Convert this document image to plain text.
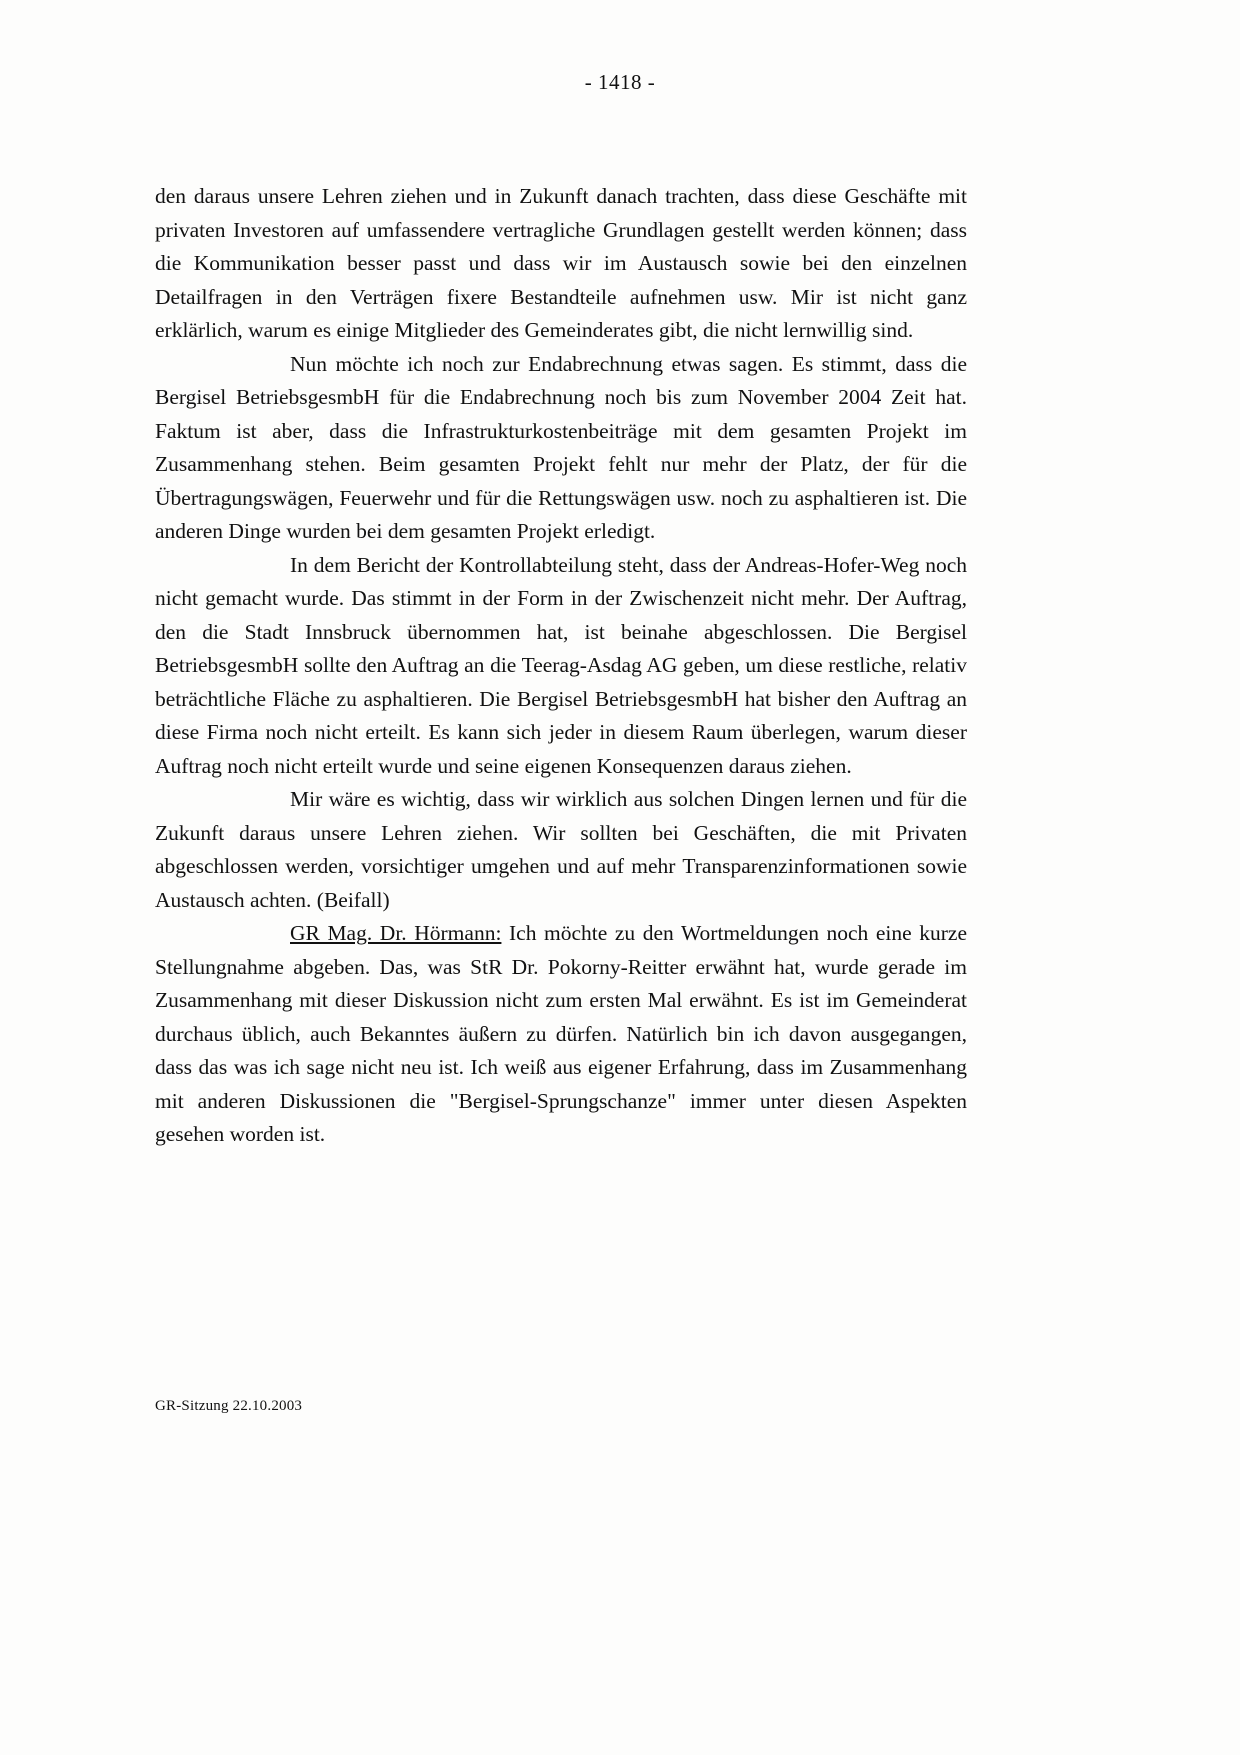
- 1418 -

den daraus unsere Lehren ziehen und in Zukunft danach trachten, dass diese Geschäfte mit privaten Investoren auf umfassendere vertragliche Grundlagen gestellt werden können; dass die Kommunikation besser passt und dass wir im Austausch sowie bei den einzelnen Detailfragen in den Verträgen fixere Bestandteile aufnehmen usw. Mir ist nicht ganz erklärlich, warum es einige Mitglieder des Gemeinderates gibt, die nicht lernwillig sind.

Nun möchte ich noch zur Endabrechnung etwas sagen. Es stimmt, dass die Bergisel BetriebsgesmbH für die Endabrechnung noch bis zum November 2004 Zeit hat. Faktum ist aber, dass die Infrastrukturkostenbeiträge mit dem gesamten Projekt im Zusammenhang stehen. Beim gesamten Projekt fehlt nur mehr der Platz, der für die Übertragungswägen, Feuerwehr und für die Rettungswägen usw. noch zu asphaltieren ist. Die anderen Dinge wurden bei dem gesamten Projekt erledigt.

In dem Bericht der Kontrollabteilung steht, dass der Andreas-Hofer-Weg noch nicht gemacht wurde. Das stimmt in der Form in der Zwischenzeit nicht mehr. Der Auftrag, den die Stadt Innsbruck übernommen hat, ist beinahe abgeschlossen. Die Bergisel BetriebsgesmbH sollte den Auftrag an die Teerag-Asdag AG geben, um diese restliche, relativ beträchtliche Fläche zu asphaltieren. Die Bergisel BetriebsgesmbH hat bisher den Auftrag an diese Firma noch nicht erteilt. Es kann sich jeder in diesem Raum überlegen, warum dieser Auftrag noch nicht erteilt wurde und seine eigenen Konsequenzen daraus ziehen.

Mir wäre es wichtig, dass wir wirklich aus solchen Dingen lernen und für die Zukunft daraus unsere Lehren ziehen. Wir sollten bei Geschäften, die mit Privaten abgeschlossen werden, vorsichtiger umgehen und auf mehr Transparenzinformationen sowie Austausch achten. (Beifall)

GR Mag. Dr. Hörmann: Ich möchte zu den Wortmeldungen noch eine kurze Stellungnahme abgeben. Das, was StR Dr. Pokorny-Reitter erwähnt hat, wurde gerade im Zusammenhang mit dieser Diskussion nicht zum ersten Mal erwähnt. Es ist im Gemeinderat durchaus üblich, auch Bekanntes äußern zu dürfen. Natürlich bin ich davon ausgegangen, dass das was ich sage nicht neu ist. Ich weiß aus eigener Erfahrung, dass im Zusammenhang mit anderen Diskussionen die "Bergisel-Sprungschanze" immer unter diesen Aspekten gesehen worden ist.

GR-Sitzung 22.10.2003
